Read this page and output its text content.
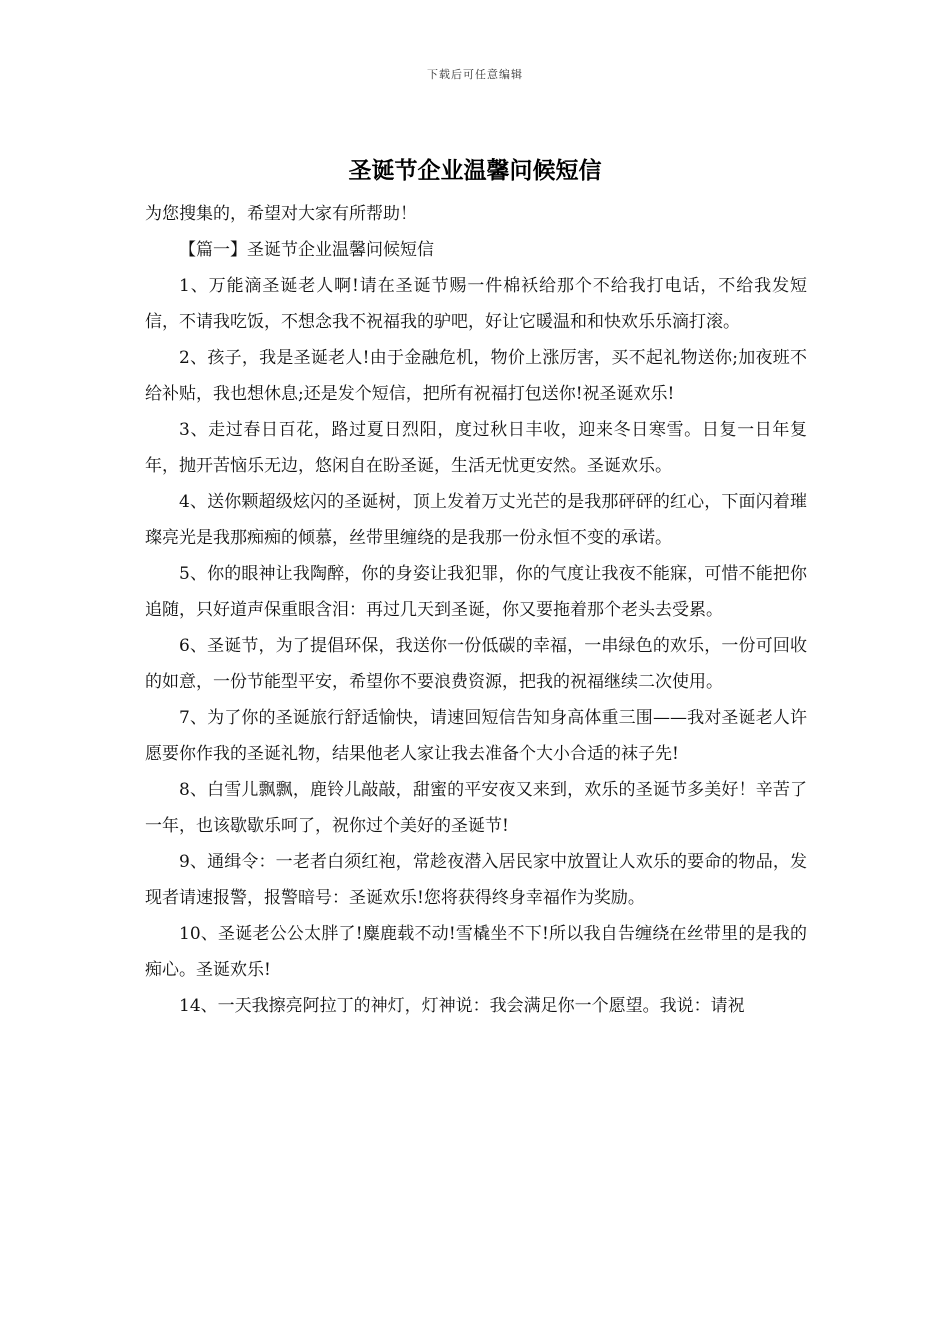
下载后可任意编辑
圣诞节企业温馨问候短信

为您搜集的，希望对大家有所帮助！

【篇一】圣诞节企业温馨问候短信

1、万能滴圣诞老人啊!请在圣诞节赐一件棉袄给那个不给我打电话，不给我发短信，不请我吃饭，不想念我不祝福我的驴吧，好让它暖温和和快欢乐乐滴打滚。

2、孩子，我是圣诞老人!由于金融危机，物价上涨厉害，买不起礼物送你;加夜班不给补贴，我也想休息;还是发个短信，把所有祝福打包送你!祝圣诞欢乐!

3、走过春日百花，路过夏日烈阳，度过秋日丰收，迎来冬日寒雪。日复一日年复年，抛开苦恼乐无边，悠闲自在盼圣诞，生活无忧更安然。圣诞欢乐。

4、送你颗超级炫闪的圣诞树，顶上发着万丈光芒的是我那砰砰的红心，下面闪着璀璨亮光是我那痴痴的倾慕，丝带里缠绕的是我那一份永恒不变的承诺。

5、你的眼神让我陶醉，你的身姿让我犯罪，你的气度让我夜不能寐，可惜不能把你追随，只好道声保重眼含泪：再过几天到圣诞，你又要拖着那个老头去受累。

6、圣诞节，为了提倡环保，我送你一份低碳的幸福，一串绿色的欢乐，一份可回收的如意，一份节能型平安，希望你不要浪费资源，把我的祝福继续二次使用。

7、为了你的圣诞旅行舒适愉快，请速回短信告知身高体重三围——我对圣诞老人许愿要你作我的圣诞礼物，结果他老人家让我去准备个大小合适的袜子先!

8、白雪儿飘飘，鹿铃儿敲敲，甜蜜的平安夜又来到，欢乐的圣诞节多美好！辛苦了一年，也该歇歇乐呵了，祝你过个美好的圣诞节!

9、通缉令：一老者白须红袍，常趁夜潜入居民家中放置让人欢乐的要命的物品，发现者请速报警，报警暗号：圣诞欢乐!您将获得终身幸福作为奖励。

10、圣诞老公公太胖了!麋鹿载不动!雪橇坐不下!所以我自告缠绕在丝带里的是我的痴心。圣诞欢乐!

14、一天我擦亮阿拉丁的神灯，灯神说：我会满足你一个愿望。我说：请祝
